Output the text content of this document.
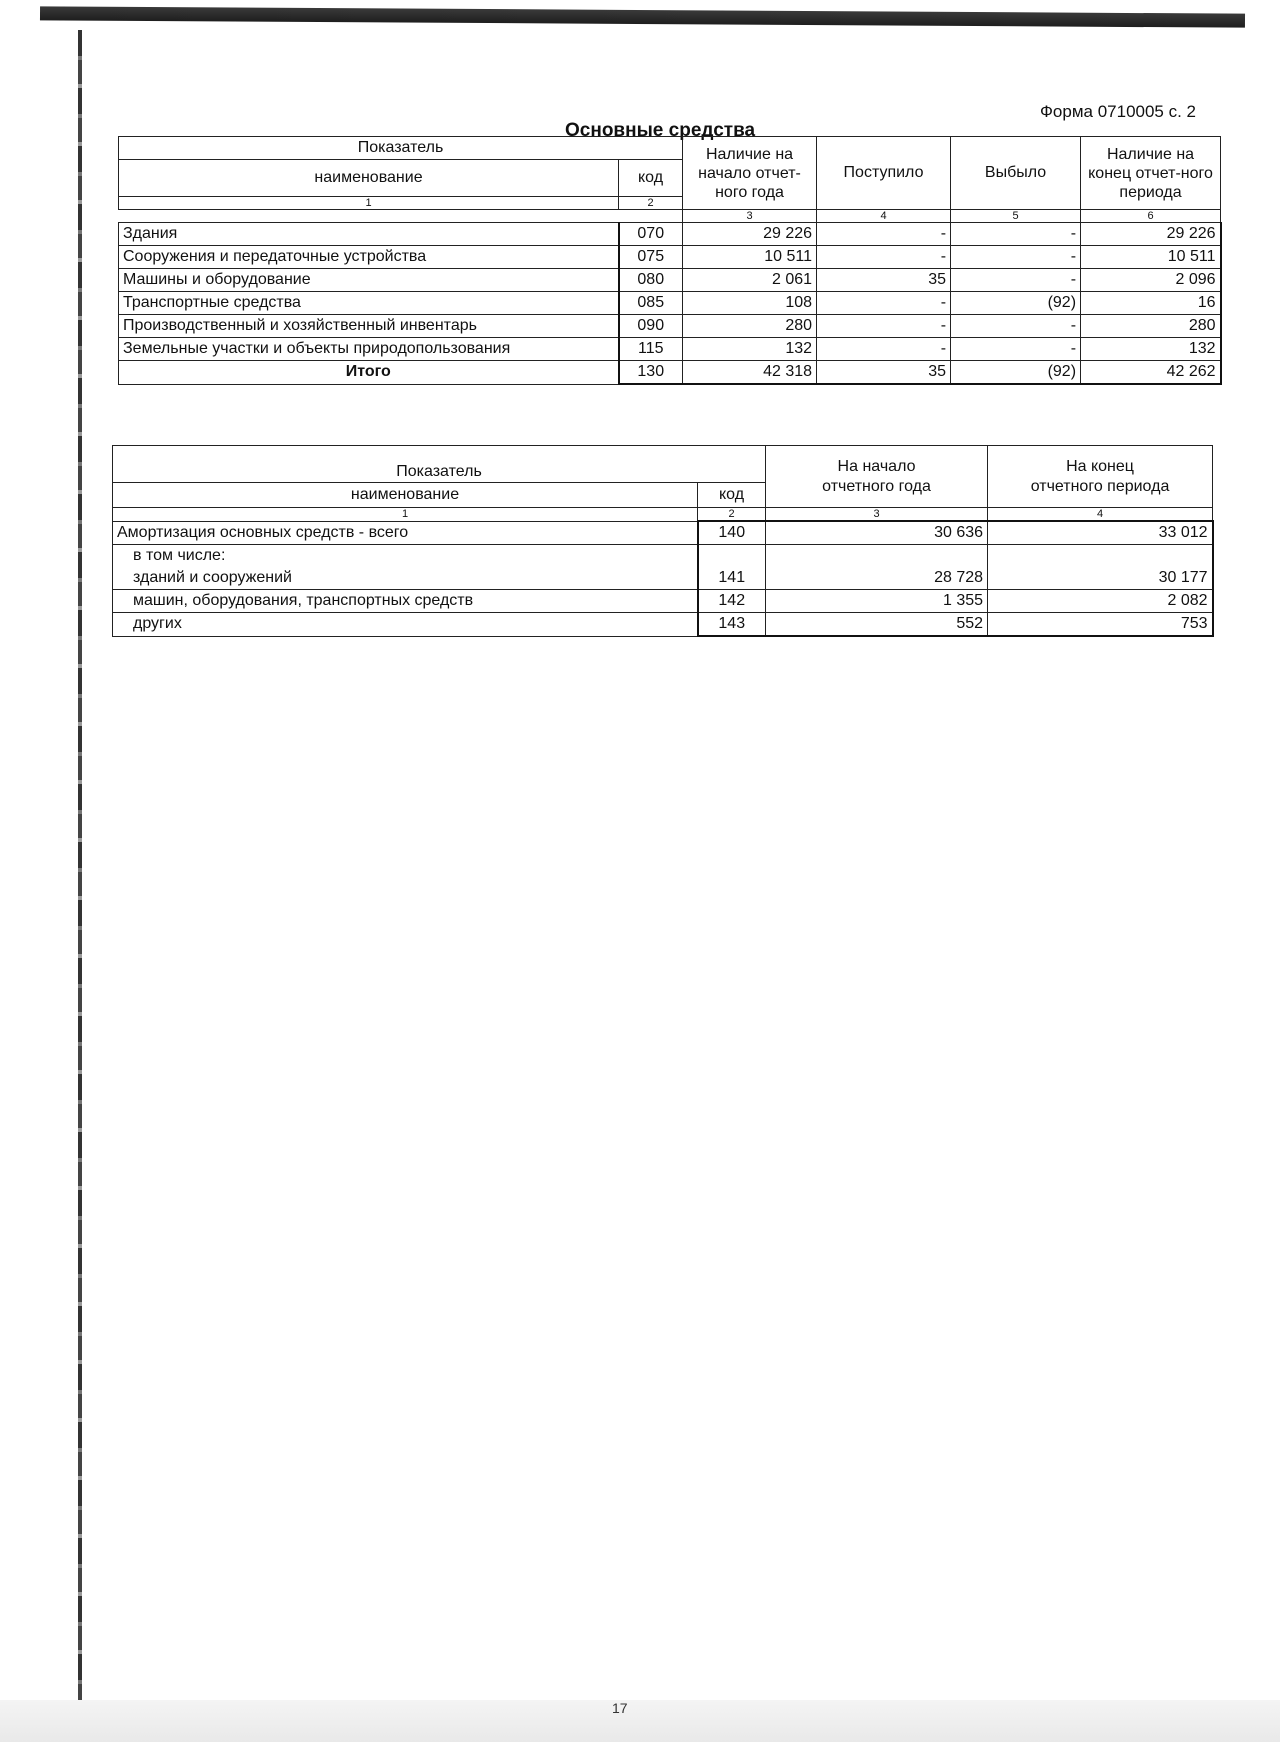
Форма 0710005 с. 2
Основные средства
Показатель		Наличие на начало отчет-ного года	Поступило	Выбыло	Наличие на конец отчет-ного периода
наименование	код				
1	2				
		3	4	5	6
Здания	070	29 226	-	-	29 226
Сооружения и передаточные устройства	075	10 511	-	-	10 511
Машины и оборудование	080	2 061	35	-	2 096
Транспортные средства	085	108	-	(92)	16
Производственный и хозяйственный инвентарь	090	280	-	-	280
Земельные участки и объекты природопользования	115	132	-	-	132
Итого	130	42 318	35	(92)	42 262
Показатель		На начало отчетного года	На конец отчетного периода
наименование	код		
1	2	3	4
Амортизация основных средств - всего	140	30 636	33 012
в том числе:			
зданий и сооружений	141	28 728	30 177
машин, оборудования, транспортных средств	142	1 355	2 082
других	143	552	753
17
